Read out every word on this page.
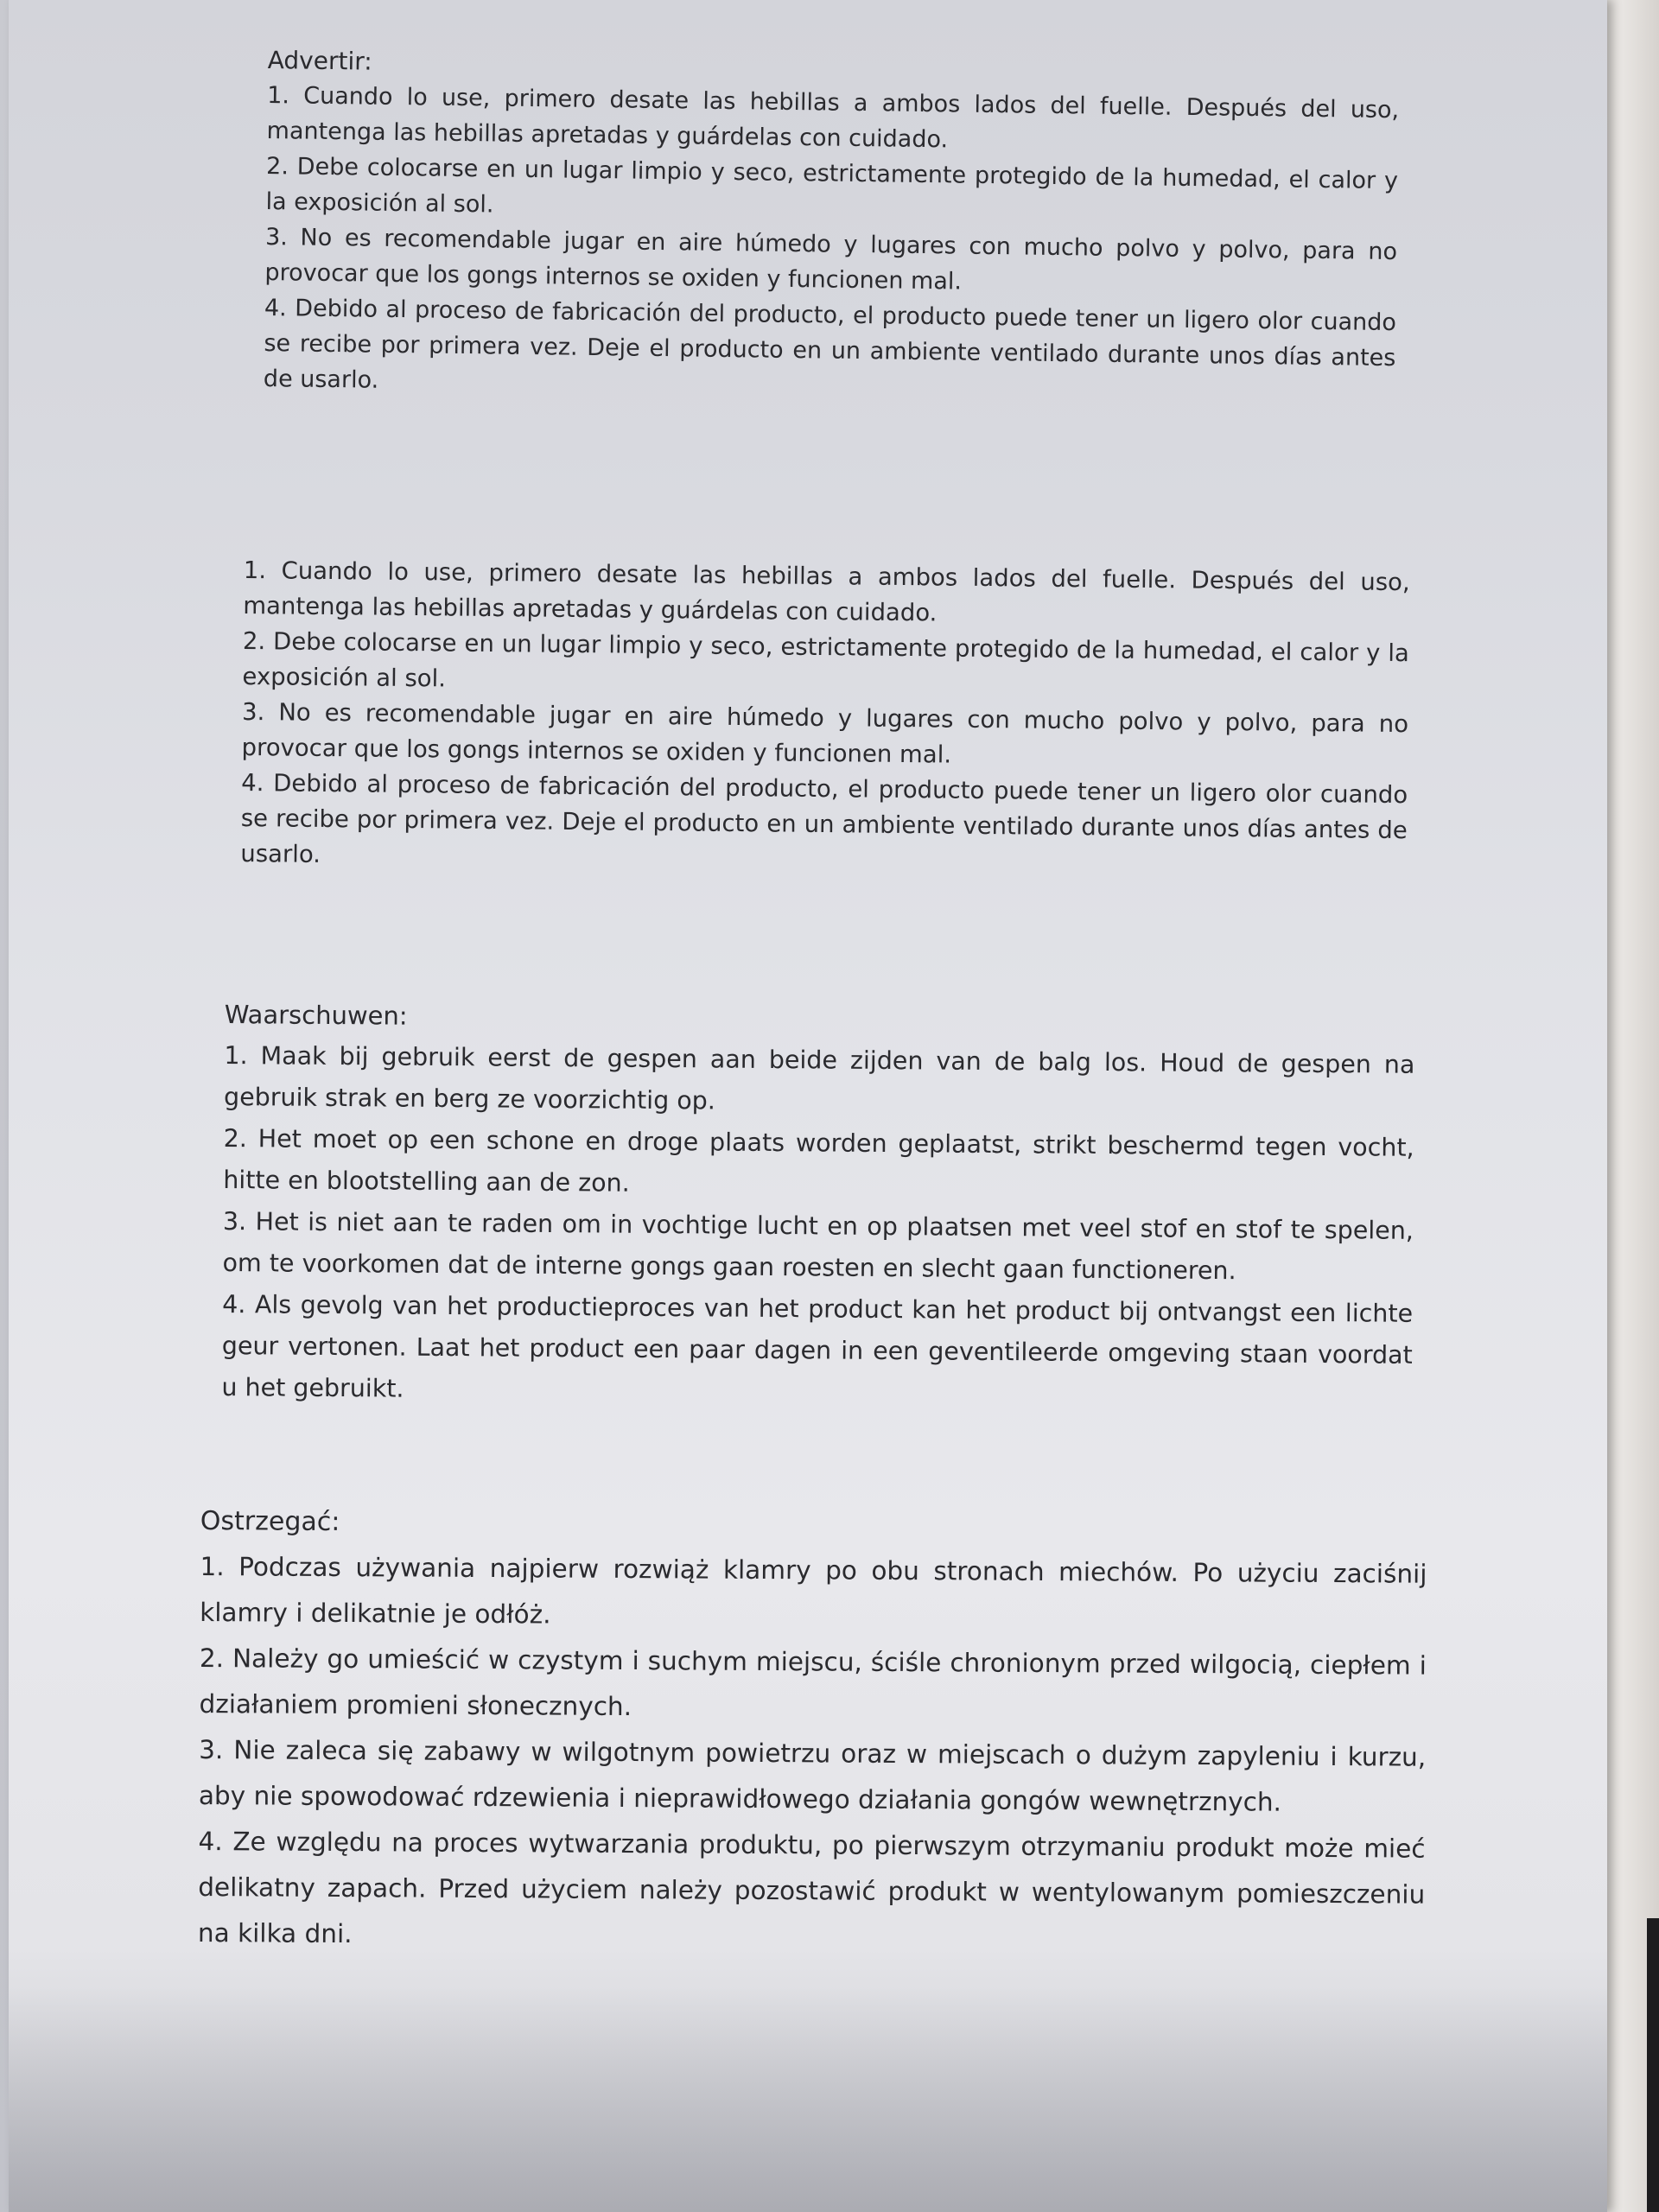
Advertir:

1. Cuando lo use, primero desate las hebillas a ambos lados del fuelle. Después del uso, mantenga las hebillas apretadas y guárdelas con cuidado.

2. Debe colocarse en un lugar limpio y seco, estrictamente protegido de la humedad, el calor y la exposición al sol.

3. No es recomendable jugar en aire húmedo y lugares con mucho polvo y polvo, para no provocar que los gongs internos se oxiden y funcionen mal.

4. Debido al proceso de fabricación del producto, el producto puede tener un ligero olor cuando se recibe por primera vez. Deje el producto en un ambiente ventilado durante unos días antes de usarlo.

1. Cuando lo use, primero desate las hebillas a ambos lados del fuelle. Después del uso, mantenga las hebillas apretadas y guárdelas con cuidado.

2. Debe colocarse en un lugar limpio y seco, estrictamente protegido de la humedad, el calor y la exposición al sol.

3. No es recomendable jugar en aire húmedo y lugares con mucho polvo y polvo, para no provocar que los gongs internos se oxiden y funcionen mal.

4. Debido al proceso de fabricación del producto, el producto puede tener un ligero olor cuando se recibe por primera vez. Deje el producto en un ambiente ventilado durante unos días antes de usarlo.

Waarschuwen:

1. Maak bij gebruik eerst de gespen aan beide zijden van de balg los. Houd de gespen na gebruik strak en berg ze voorzichtig op.

2. Het moet op een schone en droge plaats worden geplaatst, strikt beschermd tegen vocht, hitte en blootstelling aan de zon.

3. Het is niet aan te raden om in vochtige lucht en op plaatsen met veel stof en stof te spelen, om te voorkomen dat de interne gongs gaan roesten en slecht gaan functioneren.

4. Als gevolg van het productieproces van het product kan het product bij ontvangst een lichte geur vertonen. Laat het product een paar dagen in een geventileerde omgeving staan voordat u het gebruikt.

Ostrzegać:

1. Podczas używania najpierw rozwiąż klamry po obu stronach miechów. Po użyciu zaciśnij klamry i delikatnie je odłóż.

2. Należy go umieścić w czystym i suchym miejscu, ściśle chronionym przed wilgocią, ciepłem i działaniem promieni słonecznych.

3. Nie zaleca się zabawy w wilgotnym powietrzu oraz w miejscach o dużym zapyleniu i kurzu, aby nie spowodować rdzewienia i nieprawidłowego działania gongów wewnętrznych.

4. Ze względu na proces wytwarzania produktu, po pierwszym otrzymaniu produkt może mieć delikatny zapach. Przed użyciem należy pozostawić produkt w wentylowanym pomieszczeniu na kilka dni.
